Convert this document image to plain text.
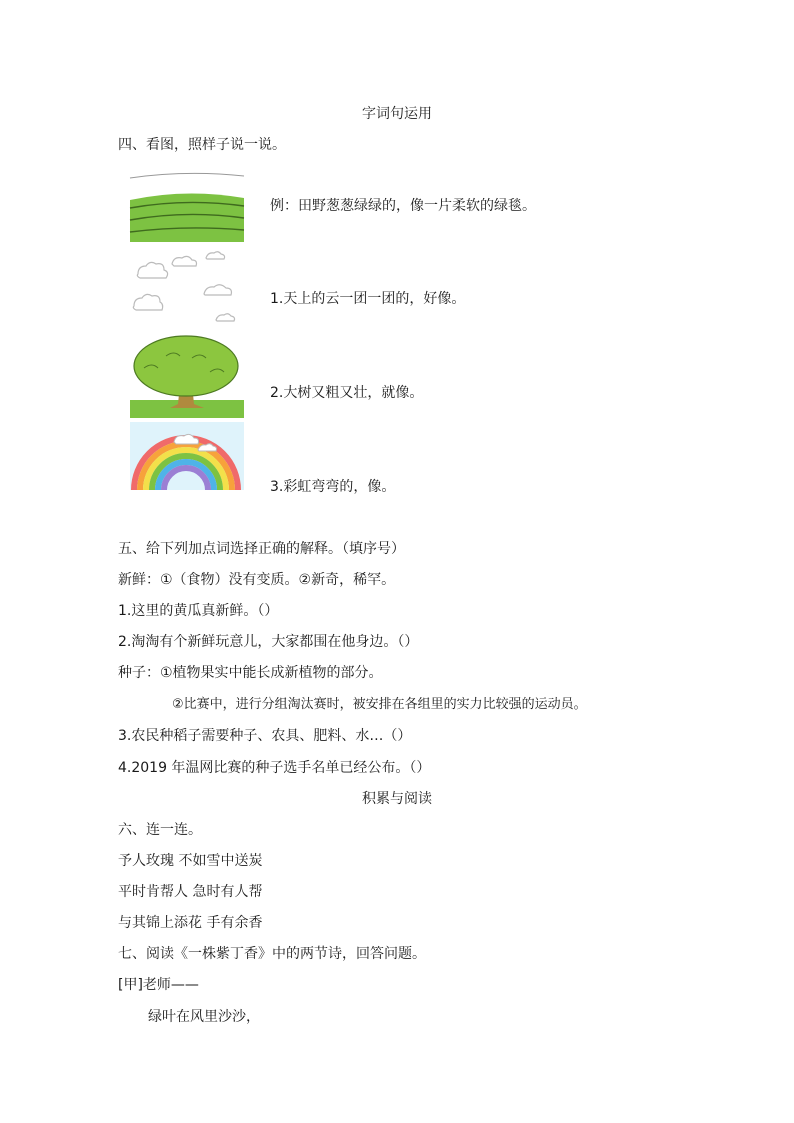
字词句运用
四、看图，照样子说一说。
例：田野葱葱绿绿的，像一片柔软的绿毯。
1.天上的云一团一团的，好像。
2.大树又粗又壮，就像。
3.彩虹弯弯的，像。
五、给下列加点词选择正确的解释。（填序号）
新鲜：①（食物）没有变质。②新奇，稀罕。
1.这里的黄瓜真新鲜。（）
2.淘淘有个新鲜玩意儿，大家都围在他身边。（）
种子：①植物果实中能长成新植物的部分。
②比赛中，进行分组淘汰赛时，被安排在各组里的实力比较强的运动员。
3.农民种稻子需要种子、农具、肥料、水…（）
4.2019 年温网比赛的种子选手名单已经公布。（）
积累与阅读
六、连一连。
予人玫瑰 不如雪中送炭
平时肯帮人 急时有人帮
与其锦上添花 手有余香
七、阅读《一株紫丁香》中的两节诗，回答问题。
[甲]老师——
绿叶在风里沙沙，
